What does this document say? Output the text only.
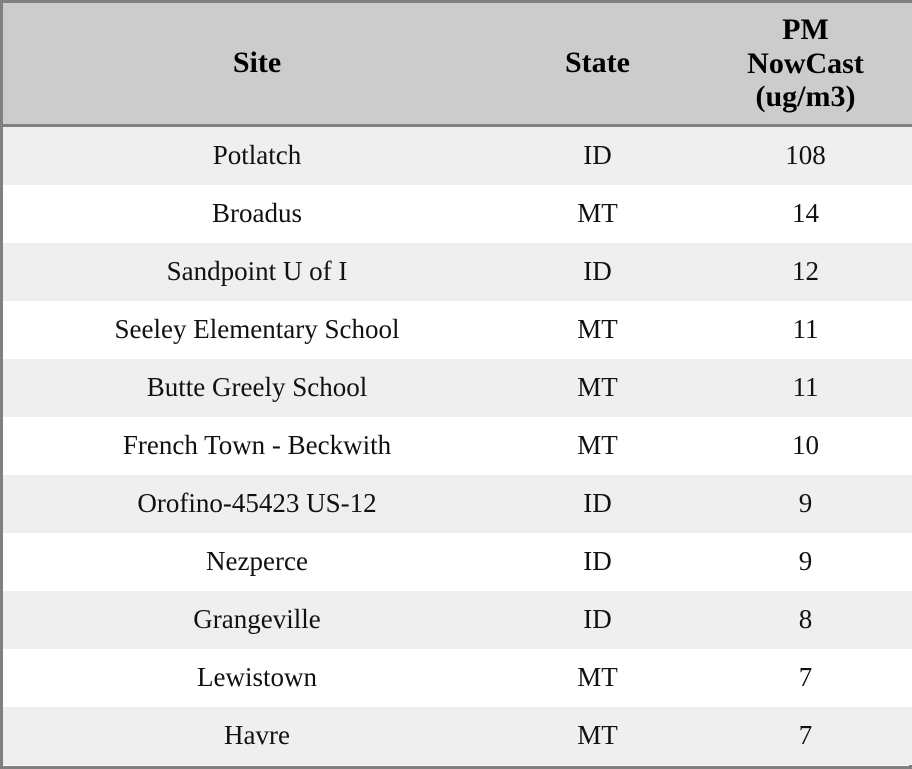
Site	State	PM
NowCast
(ug/m3)

Potlatch	ID	108
Broadus	MT	14
Sandpoint U of I	ID	12
Seeley Elementary School	MT	11
Butte Greely School	MT	11
French Town - Beckwith	MT	10
Orofino-45423 US-12	ID	9
Nezperce	ID	9
Grangeville	ID	8
Lewistown	MT	7
Havre	MT	7
